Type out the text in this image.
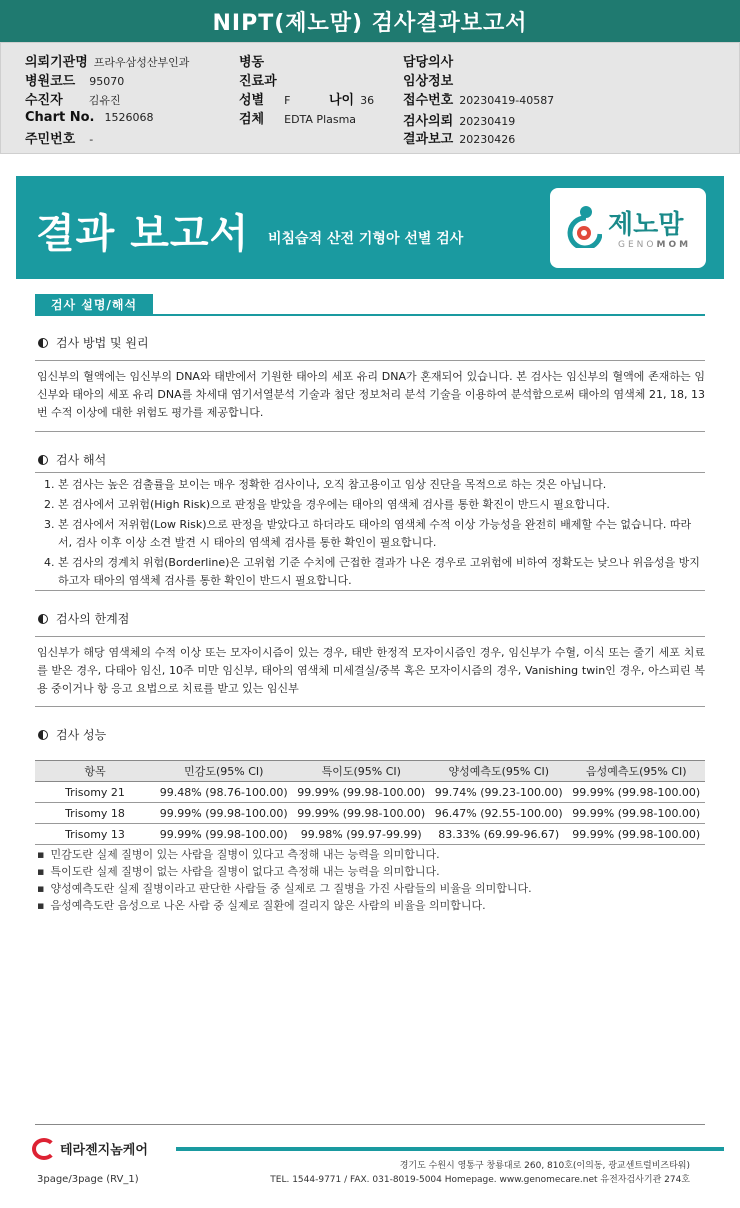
NIPT(제노맘) 검사결과보고서
의뢰기관명 프라우삼성산부인과
병원코드 95070
수진자 김유진
Chart No. 1526068
주민번호 -
병동
진료과
성별 F	나이 36
검체 EDTA Plasma
담당의사
임상정보
접수번호 20230419-40587
검사의뢰 20230419
결과보고 20230426
결과 보고서 비침습적 산전 기형아 선별 검사	제노맘
GENOMOM
검사 설명/해석
검사 방법 및 원리
임신부의 혈액에는 임신부의 DNA와 태반에서 기원한 태아의 세포 유리 DNA가 혼재되어 있습니다. 본 검사는 임신부의 혈액에 존재하는 임신부와 태아의 세포 유리 DNA를 차세대 염기서열분석 기술과 첨단 정보처리 분석 기술을 이용하여 분석함으로써 태아의 염색체 21, 18, 13번 수적 이상에 대한 위험도 평가를 제공합니다.
검사 해석
1. 본 검사는 높은 검출률을 보이는 매우 정확한 검사이나, 오직 참고용이고 임상 진단을 목적으로 하는 것은 아닙니다.
2. 본 검사에서 고위험(High Risk)으로 판정을 받았을 경우에는 태아의 염색체 검사를 통한 확진이 반드시 필요합니다.
3. 본 검사에서 저위험(Low Risk)으로 판정을 받았다고 하더라도 태아의 염색체 수적 이상 가능성을 완전히 배제할 수는 없습니다. 따라서, 검사 이후 이상 소견 발견 시 태아의 염색체 검사를 통한 확인이 필요합니다.
4. 본 검사의 경계치 위험(Borderline)은 고위험 기준 수치에 근접한 결과가 나온 경우로 고위험에 비하여 정확도는 낮으나 위음성을 방지하고자 태아의 염색체 검사를 통한 확인이 반드시 필요합니다.
검사의 한계점
임신부가 해당 염색체의 수적 이상 또는 모자이시즘이 있는 경우, 태반 한정적 모자이시즘인 경우, 임신부가 수혈, 이식 또는 줄기 세포 치료를 받은 경우, 다태아 임신, 10주 미만 임신부, 태아의 염색체 미세결실/중복 혹은 모자이시즘의 경우, Vanishing twin인 경우, 아스피린 복용 중이거나 항 응고 요법으로 치료를 받고 있는 임신부
검사 성능
항목	민감도(95% CI)	특이도(95% CI)	양성예측도(95% CI)	음성예측도(95% CI)
Trisomy 21	99.48% (98.76-100.00)	99.99% (99.98-100.00)	99.74% (99.23-100.00)	99.99% (99.98-100.00)
Trisomy 18	99.99% (99.98-100.00)	99.99% (99.98-100.00)	96.47% (92.55-100.00)	99.99% (99.98-100.00)
Trisomy 13	99.99% (99.98-100.00)	99.98% (99.97-99.99)	83.33% (69.99-96.67)	99.99% (99.98-100.00)
▪ 민감도란 실제 질병이 있는 사람을 질병이 있다고 측정해 내는 능력을 의미합니다.
▪ 특이도란 실제 질병이 없는 사람을 질병이 없다고 측정해 내는 능력을 의미합니다.
▪ 양성예측도란 실제 질병이라고 판단한 사람들 중 실제로 그 질병을 가진 사람들의 비율을 의미합니다.
▪ 음성예측도란 음성으로 나온 사람 중 실제로 질환에 걸리지 않은 사람의 비율을 의미합니다.
테라젠지놈케어
3page/3page (RV_1)
경기도 수원시 영통구 창룡대로 260, 810호(이의동, 광교센트럴비즈타워)
TEL. 1544-9771 / FAX. 031-8019-5004 Homepage. www.genomecare.net 유전자검사기관 274호
